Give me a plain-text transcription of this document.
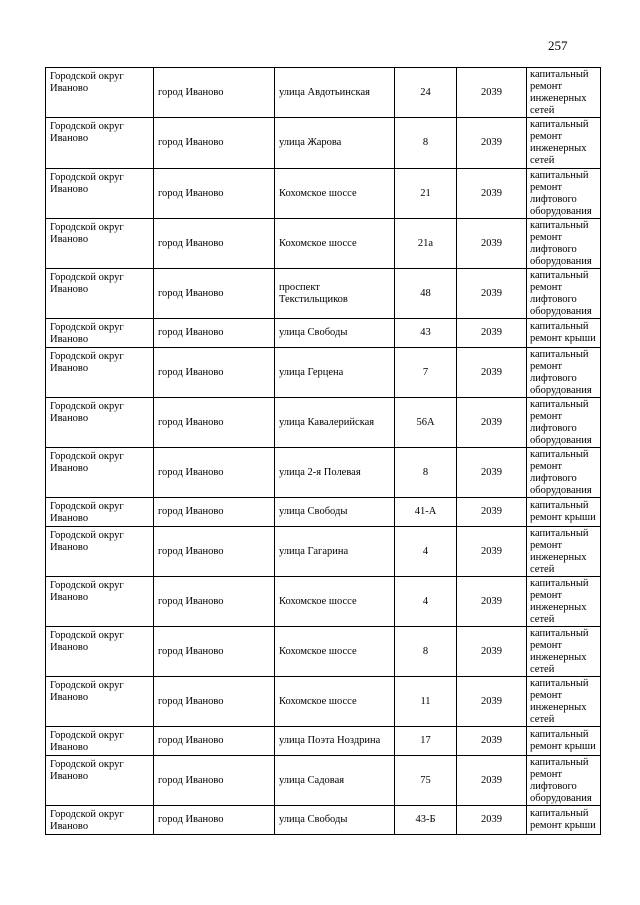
257
Городской округ Иваново	город Иваново	улица Авдотьинская	24	2039	капитальный ремонт инженерных сетей
Городской округ Иваново	город Иваново	улица Жарова	8	2039	капитальный ремонт инженерных сетей
Городской округ Иваново	город Иваново	Кохомское шоссе	21	2039	капитальный ремонт лифтового оборудования
Городской округ Иваново	город Иваново	Кохомское шоссе	21а	2039	капитальный ремонт лифтового оборудования
Городской округ Иваново	город Иваново	проспект Текстильщиков	48	2039	капитальный ремонт лифтового оборудования
Городской округ Иваново	город Иваново	улица Свободы	43	2039	капитальный ремонт крыши
Городской округ Иваново	город Иваново	улица Герцена	7	2039	капитальный ремонт лифтового оборудования
Городской округ Иваново	город Иваново	улица Кавалерийская	56А	2039	капитальный ремонт лифтового оборудования
Городской округ Иваново	город Иваново	улица 2-я Полевая	8	2039	капитальный ремонт лифтового оборудования
Городской округ Иваново	город Иваново	улица Свободы	41-А	2039	капитальный ремонт крыши
Городской округ Иваново	город Иваново	улица Гагарина	4	2039	капитальный ремонт инженерных сетей
Городской округ Иваново	город Иваново	Кохомское шоссе	4	2039	капитальный ремонт инженерных сетей
Городской округ Иваново	город Иваново	Кохомское шоссе	8	2039	капитальный ремонт инженерных сетей
Городской округ Иваново	город Иваново	Кохомское шоссе	11	2039	капитальный ремонт инженерных сетей
Городской округ Иваново	город Иваново	улица Поэта Ноздрина	17	2039	капитальный ремонт крыши
Городской округ Иваново	город Иваново	улица Садовая	75	2039	капитальный ремонт лифтового оборудования
Городской округ Иваново	город Иваново	улица Свободы	43-Б	2039	капитальный ремонт крыши
